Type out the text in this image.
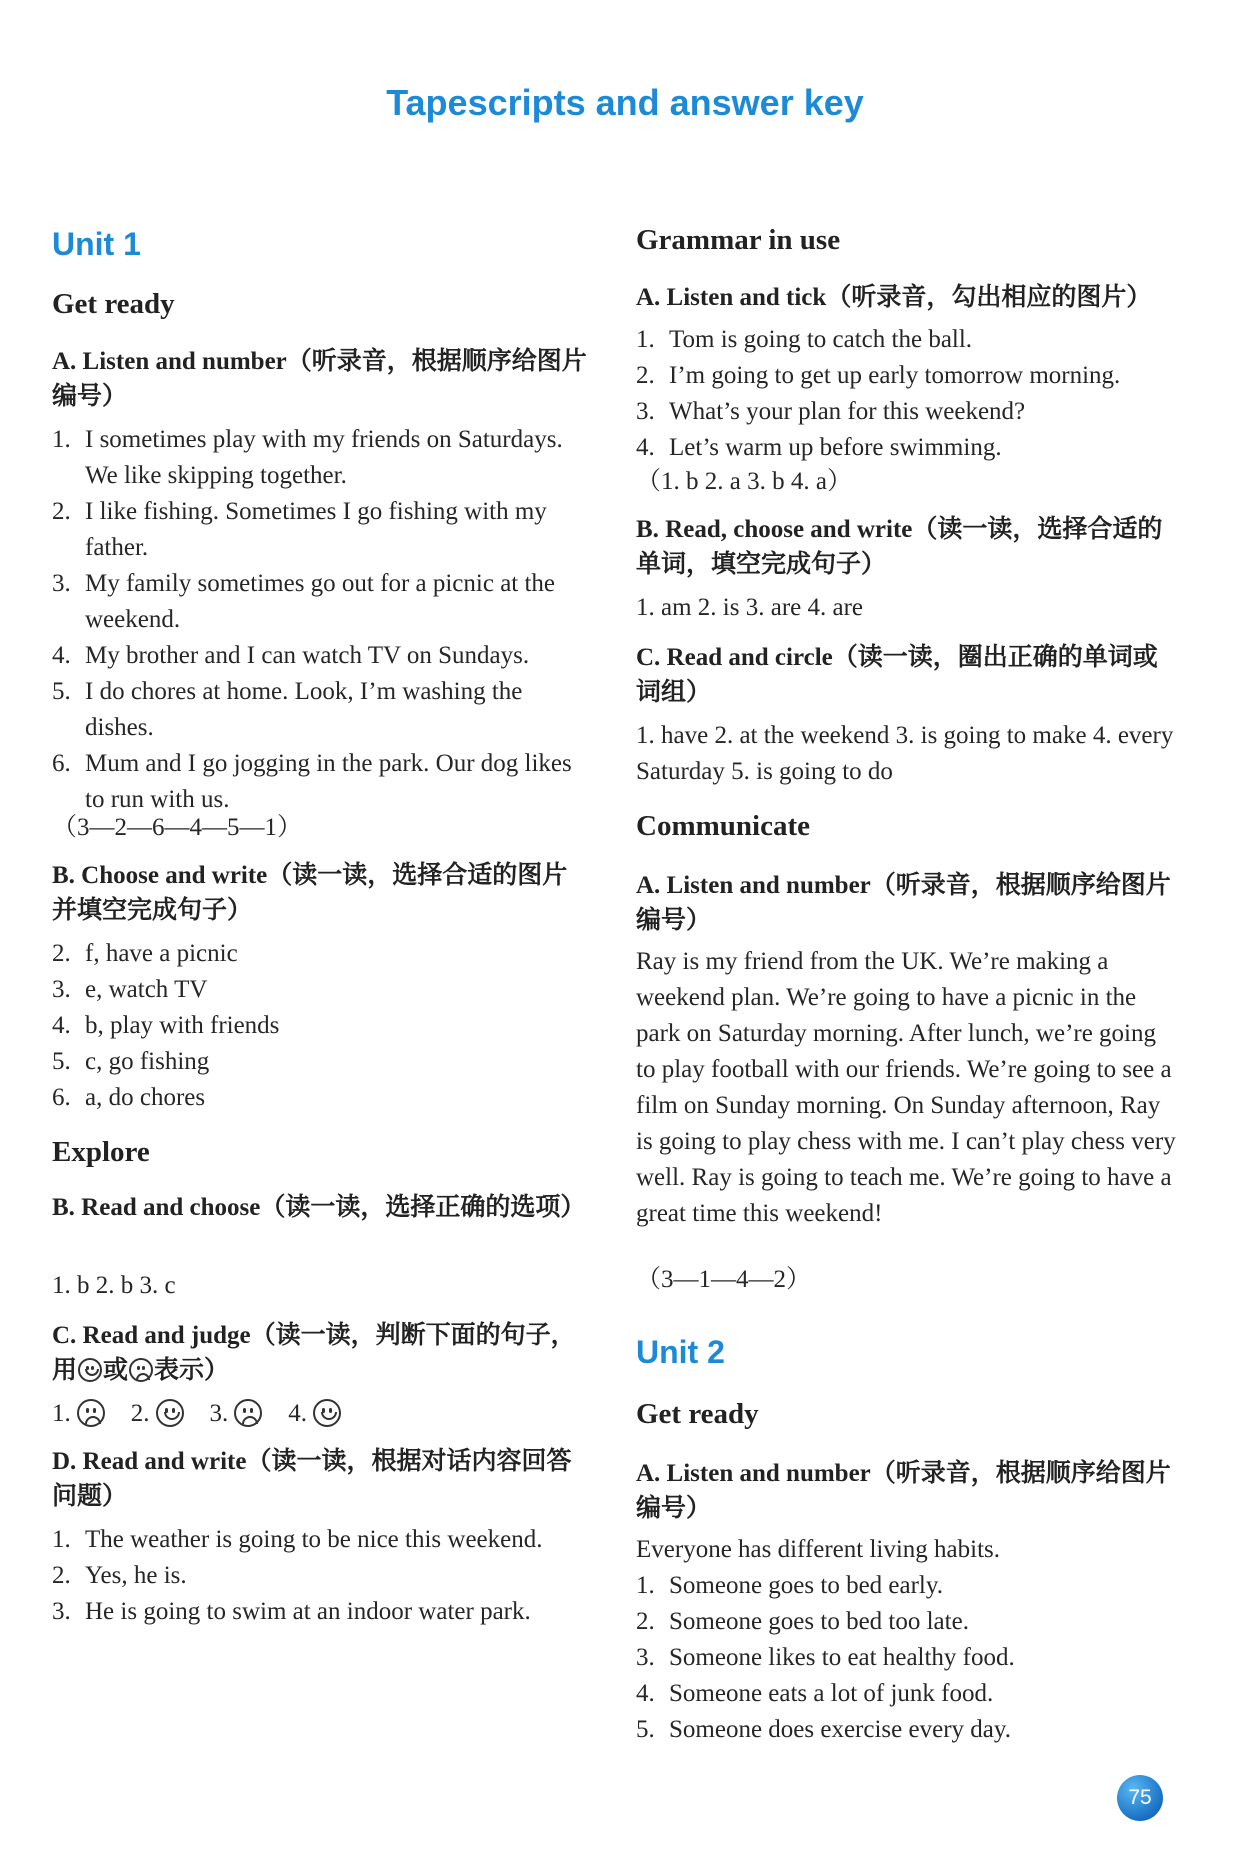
Tapescripts and answer key
Unit 1
Get ready
A. Listen and number（听录音，根据顺序给图片编号）
1. I sometimes play with my friends on Saturdays. We like skipping together.
2. I like fishing. Sometimes I go fishing with my father.
3. My family sometimes go out for a picnic at the weekend.
4. My brother and I can watch TV on Sundays.
5. I do chores at home. Look, I’m washing the dishes.
6. Mum and I go jogging in the park. Our dog likes to run with us.
（3—2—6—4—5—1）
B. Choose and write（读一读，选择合适的图片并填空完成句子）
2. f, have a picnic
3. e, watch TV
4. b, play with friends
5. c, go fishing
6. a, do chores
Explore
B. Read and choose（读一读，选择正确的选项）
1. b 2. b 3. c
C. Read and judge（读一读，判断下面的句子，用 或 表示）
1. 2. 3. 4.
D. Read and write（读一读，根据对话内容回答问题）
1. The weather is going to be nice this weekend.
2. Yes, he is.
3. He is going to swim at an indoor water park.
Grammar in use
A. Listen and tick（听录音，勾出相应的图片）
1. Tom is going to catch the ball.
2. I’m going to get up early tomorrow morning.
3. What’s your plan for this weekend?
4. Let’s warm up before swimming.
（1. b 2. a 3. b 4. a）
B. Read, choose and write（读一读，选择合适的单词，填空完成句子）
1. am 2. is 3. are 4. are
C. Read and circle（读一读，圈出正确的单词或词组）
1. have 2. at the weekend 3. is going to make 4. every Saturday 5. is going to do
Communicate
A. Listen and number（听录音，根据顺序给图片编号）
Ray is my friend from the UK. We’re making a weekend plan. We’re going to have a picnic in the park on Saturday morning. After lunch, we’re going to play football with our friends. We’re going to see a film on Sunday morning. On Sunday afternoon, Ray is going to play chess with me. I can’t play chess very well. Ray is going to teach me. We’re going to have a great time this weekend!
（3—1—4—2）
Unit 2
Get ready
A. Listen and number（听录音，根据顺序给图片编号）
Everyone has different living habits.
1. Someone goes to bed early.
2. Someone goes to bed too late.
3. Someone likes to eat healthy food.
4. Someone eats a lot of junk food.
5. Someone does exercise every day.
75
